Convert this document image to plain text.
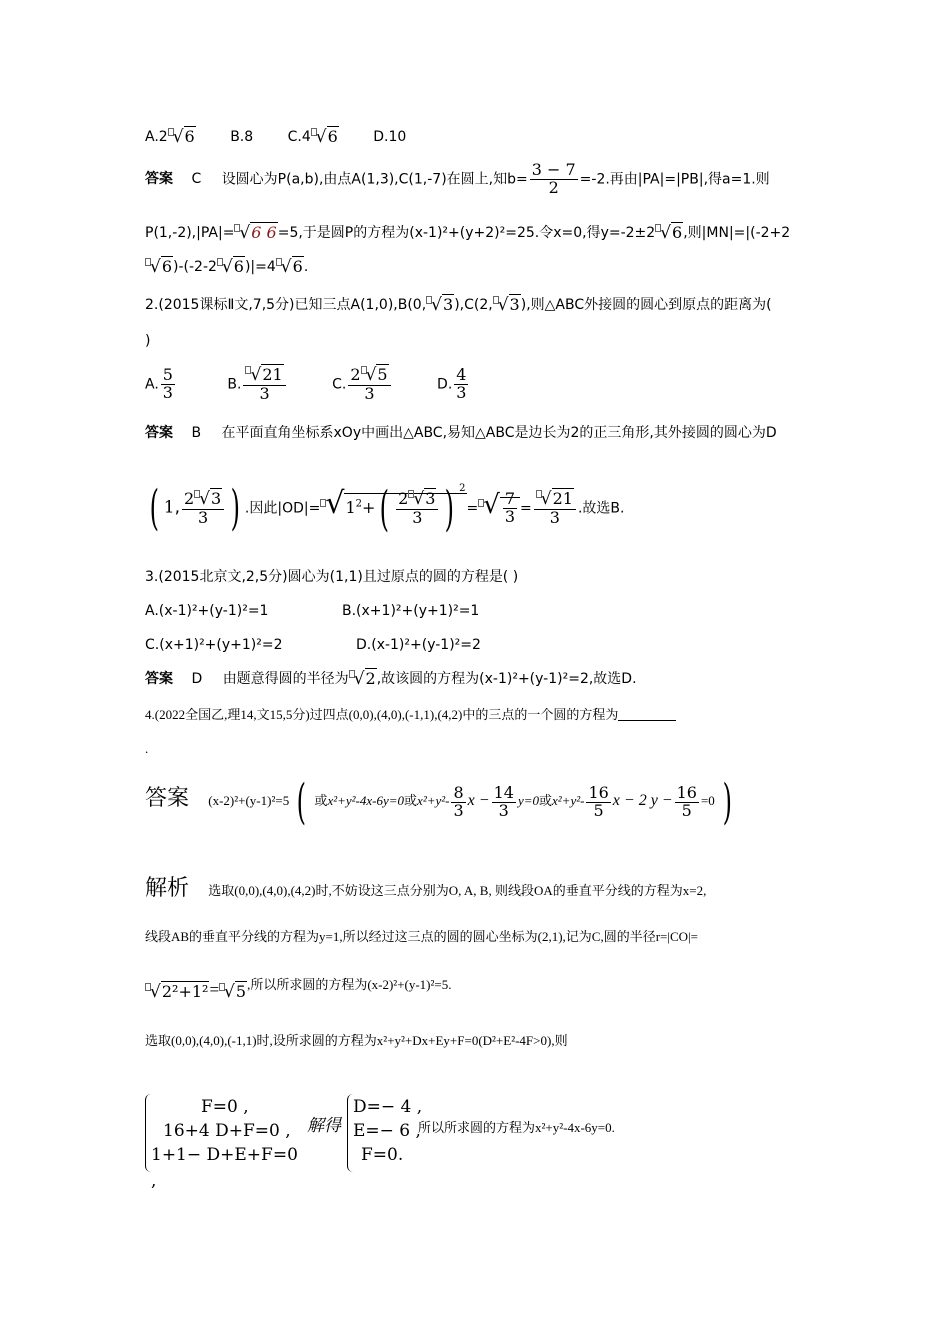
A.2 √6	B.8 C.4 √6	D.10
答案 C 设圆心为P(a,b),由点A(1,3),C(1,-7)在圆上,知$b= \frac{3 - 7}{2} =-2$.再由|PA|=|PB|,得a=1.则
P(1,-2),|PA|= √6 6=5,于是圆P的方程为(x-1)²+(y+2)²=25.令x=0,得y=-2±2 √6,则|MN|=|(-2+2
√6)-(-2-2 √6)|=4 √6.
2.(2015课标Ⅱ文,7,5分)已知三点A(1,0),B(0, √3),C(2, √3),则△ABC外接圆的圆心到原点的距离为(
)
A. $\frac{5}{3}$	B. $\frac{√21}{3}$	C. $\frac{2 √5}{3}$	D. $\frac{4}{3}$
答案 B 在平面直角坐标系xOy中画出△ABC,易知△ABC是边长为2的正三角形,其外接圆的圆心为D
( 1, $\frac{2 √3}{3}$ ) .因此$|OD|= √1^2+( \frac{2 √3}{3}$ ) $^2$= √ $\frac{7}{3} = \frac{√21}{3}$ .故选B.
3.(2015北京文,2,5分)圆心为(1,1)且过原点的圆的方程是( )
A.(x-1)²+(y-1)²=1	B.(x+1)²+(y+1)²=1
C.(x+1)²+(y+1)²=2	D.(x-1)²+(y-1)²=2
答案 D 由题意得圆的半径为 √2,故该圆的方程为(x-1)²+(y-1)²=2,故选D.
4.(2022全国乙,理14,文15,5分)过四点(0,0),(4,0),(-1,1),(4,2)中的三点的一个圆的方程为
.
答案 (x-2)²+(y-1)²=5 ( 或x²+y²-4x-6y=0或$x^2+y^2- \frac{8}{3}$ $x - \frac{14}{3} y=0$或$x^2+y^2- \frac{16}{5}$ x − 2 $y - \frac{16}{5} =0$ )
解析 选取(0,0),(4,0),(4,2)时,不妨设这三点分别为O, A, B, 则线段OA的垂直平分线的方程为x=2,
线段AB的垂直平分线的方程为y=1,所以经过这三点的圆的圆心坐标为(2,1),记为C,圆的半径r=|CO|=
√2²+1²= √5,所以所求圆的方程为(x-2)²+(y-1)²=5.
选取(0,0),(4,0),(-1,1)时,设所求圆的方程为x²+y²+Dx+Ey+F=0(D²+E²-4F>0),则
F=0 ,
16+4 D+F=0 ,
1+1− D+E+F=0 ,
解得
D=− 4 ,
E=− 6 ,
F=0.
所以所求圆的方程为x²+y²-4x-6y=0.
